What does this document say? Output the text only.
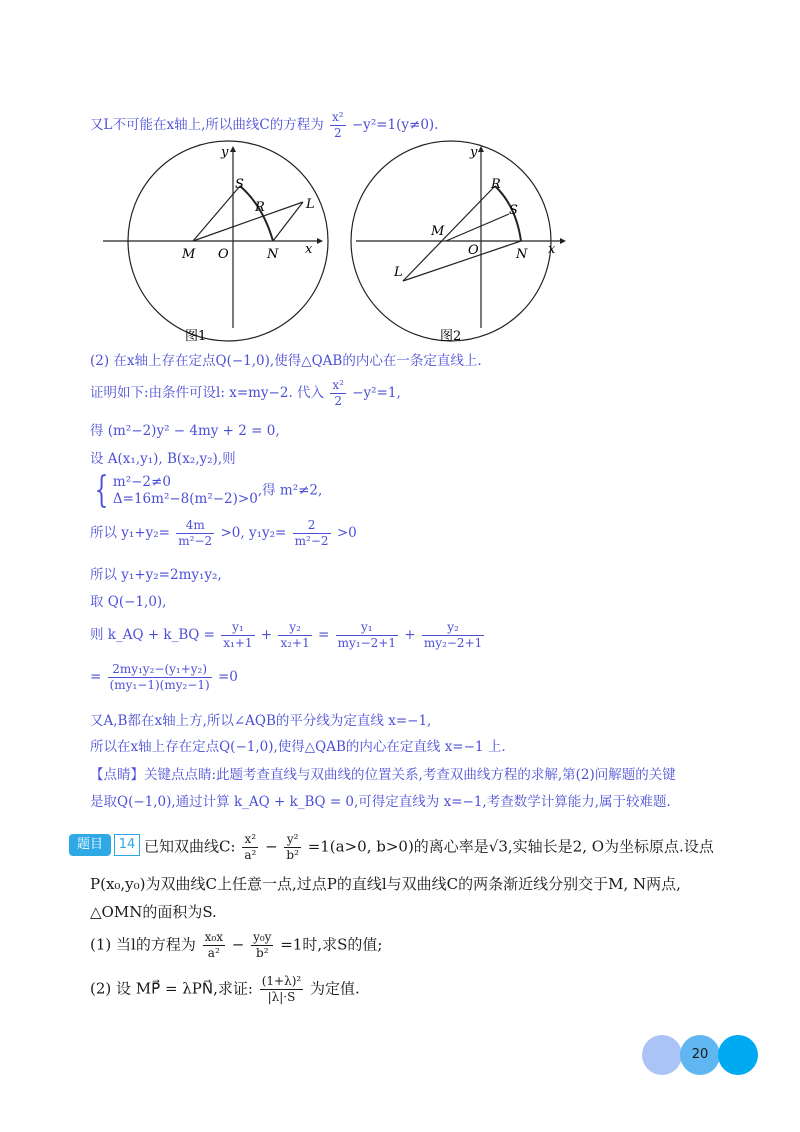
又L不可能在x轴上,所以曲线C的方程为 $\frac{\text{x²}}{2} -y^2=1(y\ne 0)$.
x
y
M O	N
S
R	L
图1
x
y
M
O	N
R
S
L
图2
(2) 在x轴上存在定点Q(−1,0),使得△QAB的内心在一条定直线上.
证明如下:由条件可设l: x=my−2. 代入 $\frac{\text{x²}}{2} -y^2=1$,
得 (m²−2)y² − 4my + 2 = 0,
设 A(x₁,y₁), B(x₂,y₂),则
{ m²−2≠0
Δ=16m²−8(m²−2)>0
,得 m²≠2,
所以 $y_1+y_2= \frac{4m}{\text{m²−2}} >0$, $y_1y_2= \frac{2}{\text{m²−2}} >0$
所以 y₁+y₂=2my₁y₂,
取 Q(−1,0),
则 k_AQ + k_BQ = $\frac{\text{y₁}}{\text{x₁+1}} + \frac{\text{y₂}}{\text{x₂+1}} = \frac{\text{y₁}}{\text{my₁−2+1}} + \frac{\text{y₂}}{\text{my₂−2+1}}$
= $\frac{\text{2my₁y₂−(y₁+y₂)}}{\text{(my₁−1)(my₂−1)}} =0$
又A,B都在x轴上方,所以∠AQB的平分线为定直线 x=−1,
所以在x轴上存在定点Q(−1,0),使得△QAB的内心在定直线 x=−1 上.
【点睛】关键点点睛:此题考查直线与双曲线的位置关系,考查双曲线方程的求解,第(2)问解题的关键
是取Q(−1,0),通过计算 k_AQ + k_BQ = 0,可得定直线为 x=−1,考查数学计算能力,属于较难题.
题目	14 已知双曲线C: $\frac{\text{x²}}{\text{a²}} - \frac{\text{y²}}{\text{b²}} =1(a>0$, b>0)的离心率是√3,实轴长是2, O为坐标原点.设点
P(x₀,y₀)为双曲线C上任意一点,过点P的直线l与双曲线C的两条渐近线分别交于M, N两点,
△OMN的面积为S.
(1) 当l的方程为 $\frac{\text{x₀x}}{\text{a²}} - \frac{\text{y₀y}}{\text{b²}} =1$时,求S的值;
(2) 设 MP⃗ = λPN⃗,求证: $\frac{\text{(1+λ)²}}{|\lambda|\cdot S}$ 为定值.
20
